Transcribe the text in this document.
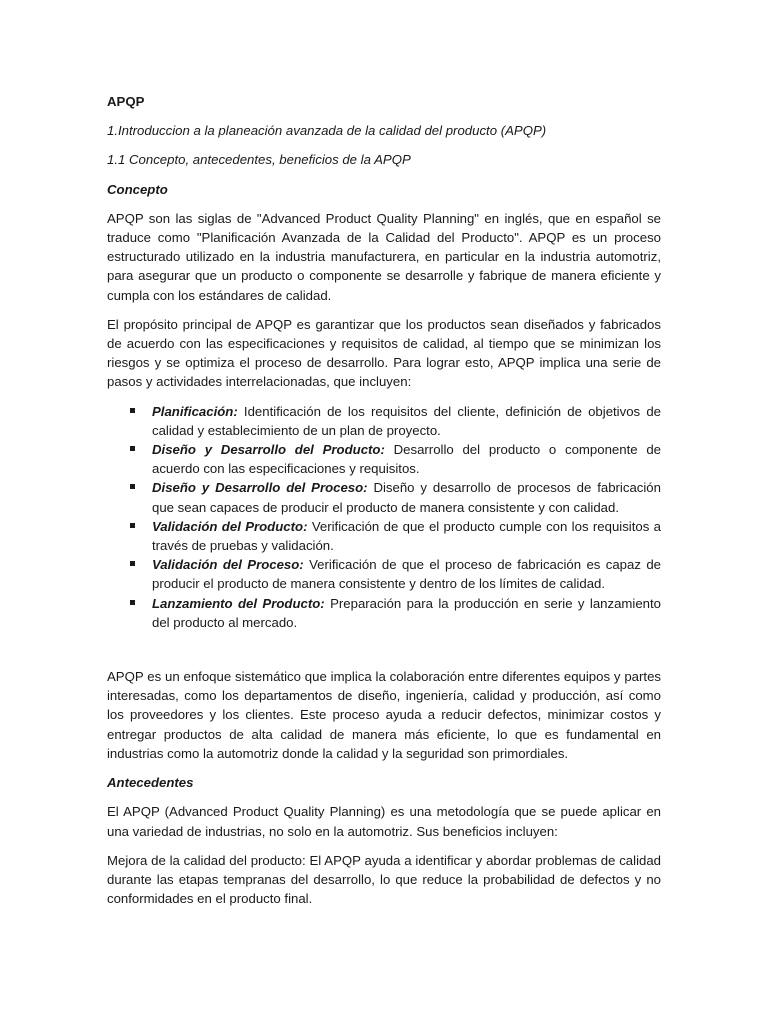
APQP
1.Introduccion a la planeación avanzada de la calidad del producto (APQP)
1.1 Concepto, antecedentes, beneficios de la APQP
Concepto

APQP son las siglas de "Advanced Product Quality Planning" en inglés, que en español se traduce como "Planificación Avanzada de la Calidad del Producto". APQP es un proceso estructurado utilizado en la industria manufacturera, en particular en la industria automotriz, para asegurar que un producto o componente se desarrolle y fabrique de manera eficiente y cumpla con los estándares de calidad.

El propósito principal de APQP es garantizar que los productos sean diseñados y fabricados de acuerdo con las especificaciones y requisitos de calidad, al tiempo que se minimizan los riesgos y se optimiza el proceso de desarrollo. Para lograr esto, APQP implica una serie de pasos y actividades interrelacionadas, que incluyen:

Planificación: Identificación de los requisitos del cliente, definición de objetivos de calidad y establecimiento de un plan de proyecto.
Diseño y Desarrollo del Producto: Desarrollo del producto o componente de acuerdo con las especificaciones y requisitos.
Diseño y Desarrollo del Proceso: Diseño y desarrollo de procesos de fabricación que sean capaces de producir el producto de manera consistente y con calidad.
Validación del Producto: Verificación de que el producto cumple con los requisitos a través de pruebas y validación.
Validación del Proceso: Verificación de que el proceso de fabricación es capaz de producir el producto de manera consistente y dentro de los límites de calidad.
Lanzamiento del Producto: Preparación para la producción en serie y lanzamiento del producto al mercado.

APQP es un enfoque sistemático que implica la colaboración entre diferentes equipos y partes interesadas, como los departamentos de diseño, ingeniería, calidad y producción, así como los proveedores y los clientes. Este proceso ayuda a reducir defectos, minimizar costos y entregar productos de alta calidad de manera más eficiente, lo que es fundamental en industrias como la automotriz donde la calidad y la seguridad son primordiales.

Antecedentes

El APQP (Advanced Product Quality Planning) es una metodología que se puede aplicar en una variedad de industrias, no solo en la automotriz. Sus beneficios incluyen:

Mejora de la calidad del producto: El APQP ayuda a identificar y abordar problemas de calidad durante las etapas tempranas del desarrollo, lo que reduce la probabilidad de defectos y no conformidades en el producto final.
